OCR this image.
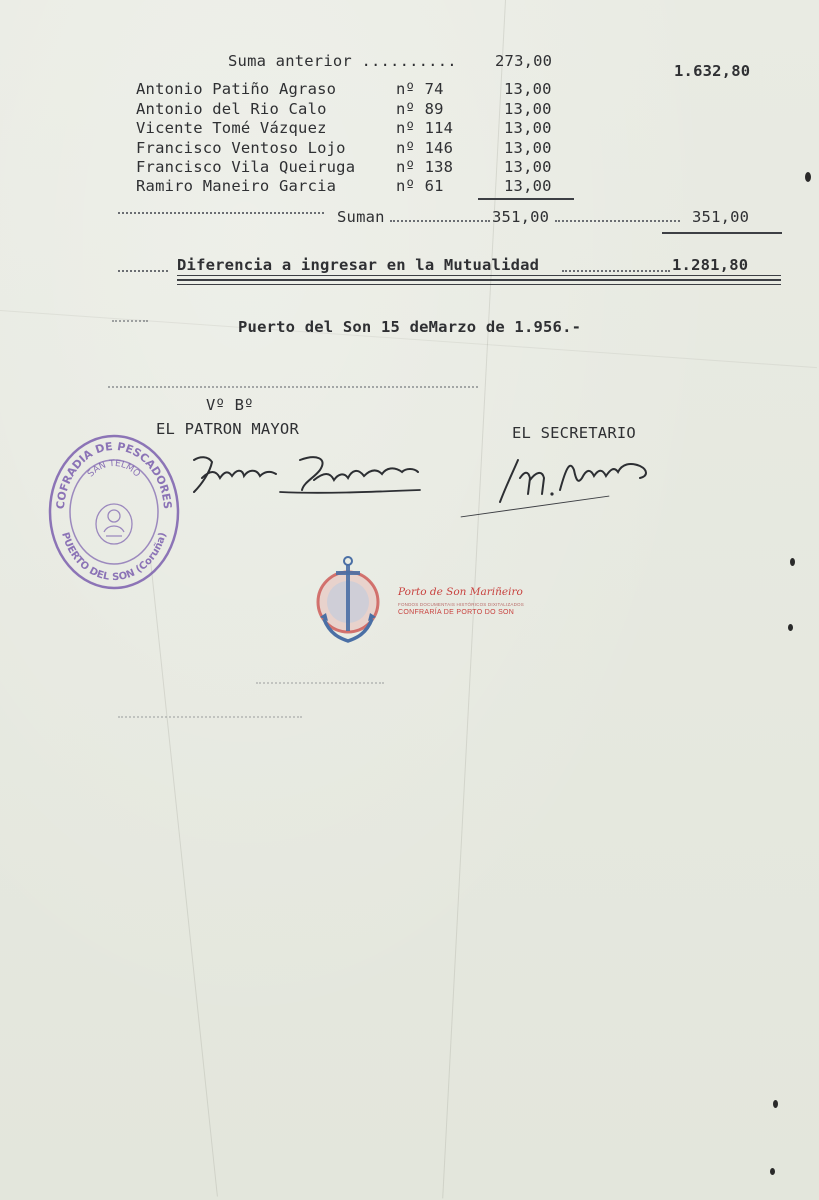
Suma anterior .......... 273,00
1.632,80
Antonio Patiño Agraso	nº 74	13,00
Antonio del Rio Calo	nº 89	13,00
Vicente Tomé Vázquez	nº 114	13,00
Francisco Ventoso Lojo	nº 146	13,00
Francisco Vila Queiruga	nº 138	13,00
Ramiro Maneiro Garcia	nº 61	13,00
Suman	351,00	351,00
Diferencia a ingresar en la Mutualidad	1.281,80
Puerto del Son 15 deMarzo de 1.956.-
Vº Bº
EL PATRON MAYOR	EL SECRETARIO
COFRADIA DE PESCADORES
PUERTO DEL SON (Coruña)
SAN TELMO
Porto de Son Mariñeiro
FONDOS DOCUMENTAIS HISTÓRICOS DIXITALIZADOS
CONFRARÍA DE PORTO DO SON
